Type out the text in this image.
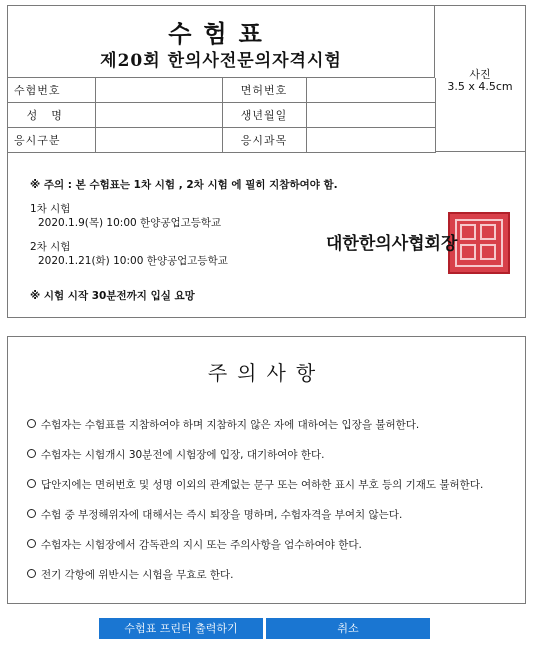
수험표
제20회 한의사전문의자격시험
사진
3.5 x 4.5cm
수험번호		면허번호	
성명		생년월일	
응시구분		응시과목	
※ 주의 : 본 수험표는 1차 시험 , 2차 시험 에 필히 지참하여야 함.
1차 시험
2020.1.9(목) 10:00 한양공업고등학교
2차 시험
2020.1.21(화) 10:00 한양공업고등학교
※ 시험 시작 30분전까지 입실 요망
대한한의사협회장
주의사항
수험자는 수험표를 지참하여야 하며 지참하지 않은 자에 대하여는 입장을 불허한다.
수험자는 시험개시 30분전에 시험장에 입장, 대기하여야 한다.
답안지에는 면허번호 및 성명 이외의 관계없는 문구 또는 여하한 표시 부호 등의 기재도 불허한다.
수험 중 부정해위자에 대해서는 즉시 퇴장을 명하며, 수험자격을 부여치 않는다.
수험자는 시험장에서 감독관의 지시 또는 주의사항을 엄수하여야 한다.
전기 각항에 위반시는 시험을 무효로 한다.
수험표 프린터 출력하기	취소
